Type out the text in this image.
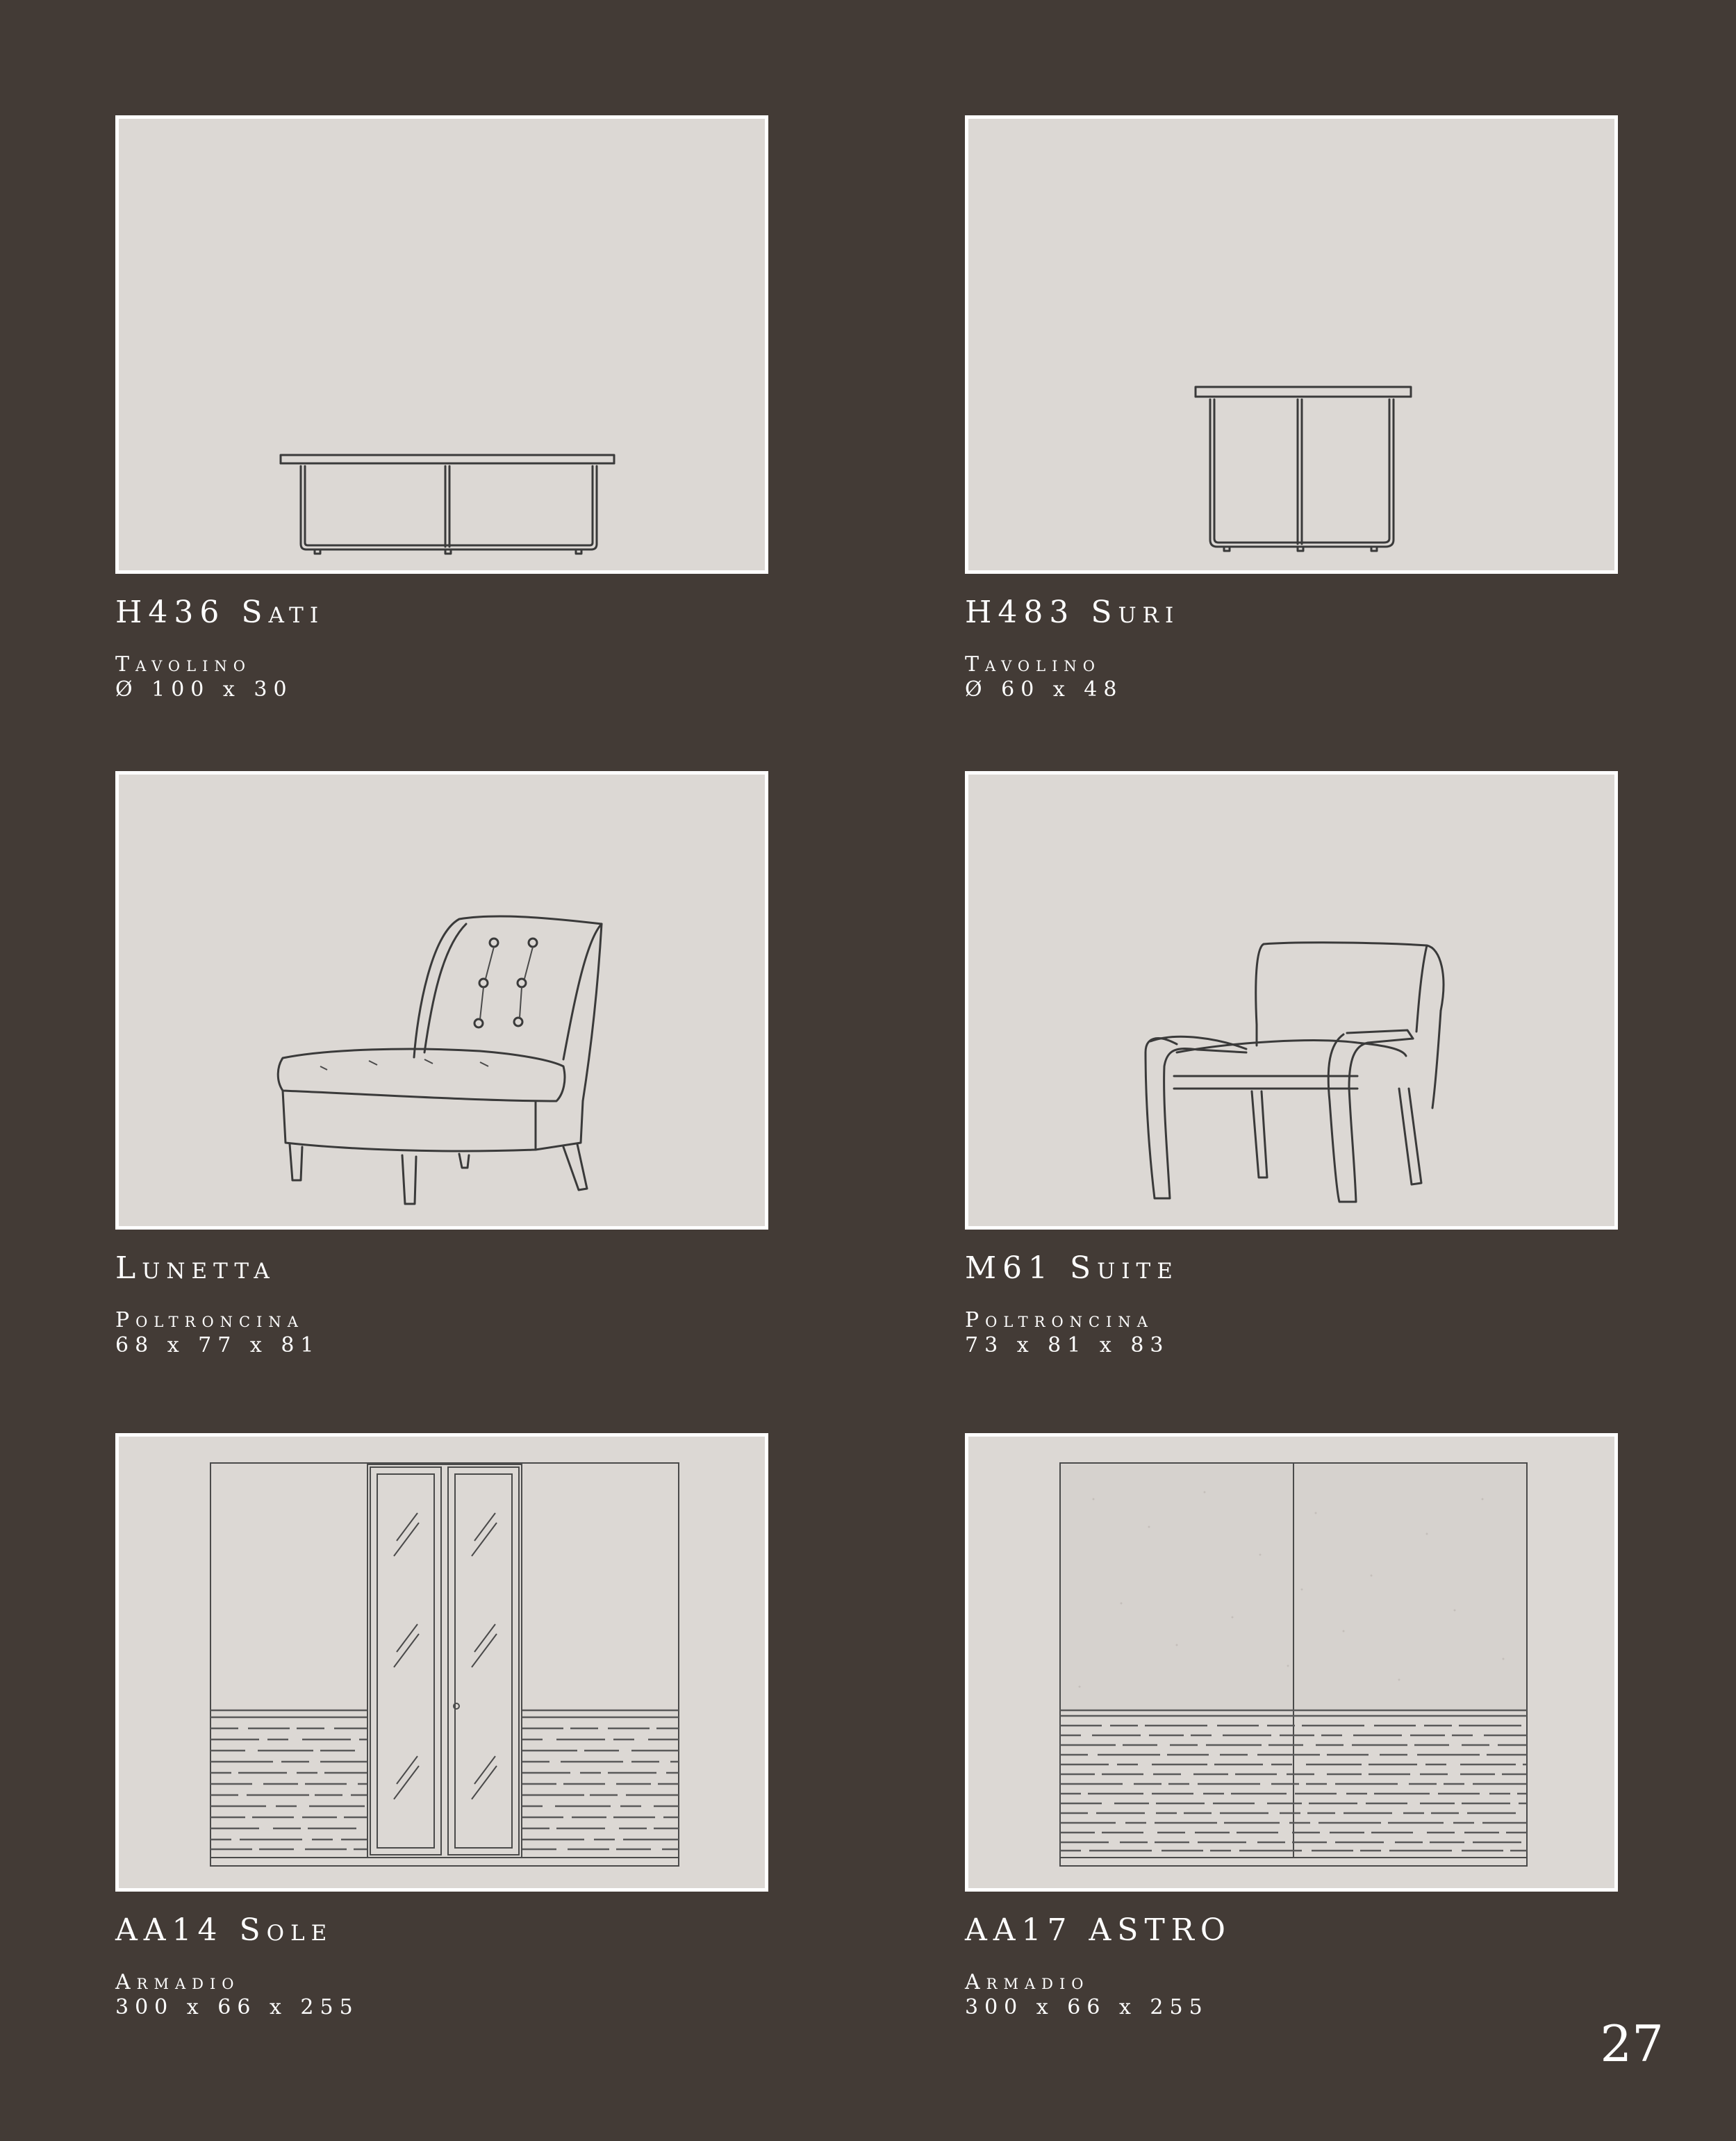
H436 Sati
Tavolino
Ø 100 x 30
H483 Suri
Tavolino
Ø 60 x 48
Lunetta
Poltroncina
68 x 77 x 81
M61 Suite
Poltroncina
73 x 81 x 83
AA14 Sole
Armadio
300 x 66 x 255
AA17 ASTRO
Armadio
300 x 66 x 255
27
